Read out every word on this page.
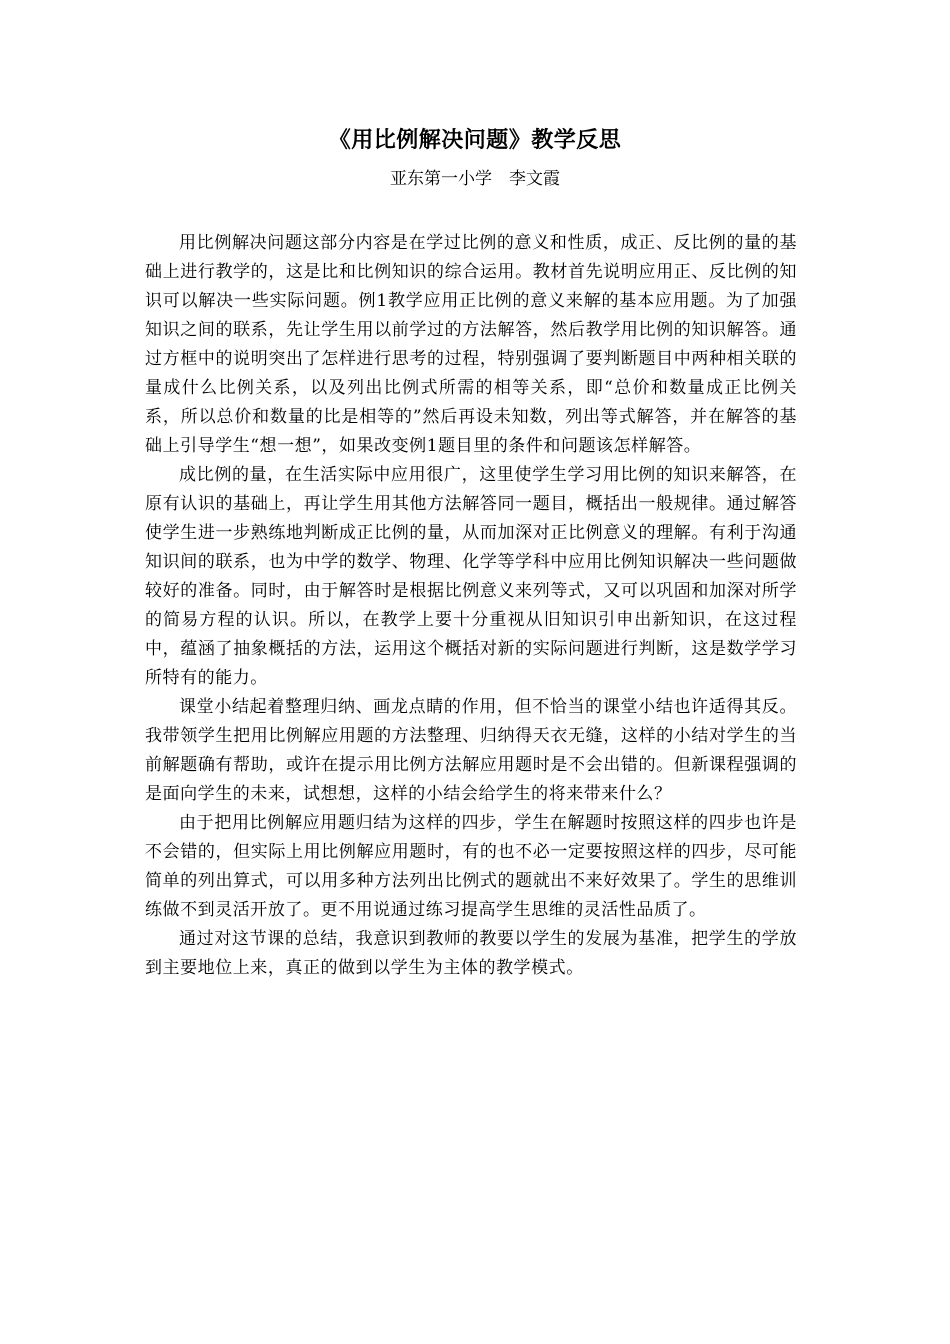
《用比例解决问题》教学反思
亚东第一小学　李文霞

用比例解决问题这部分内容是在学过比例的意义和性质，成正、反比例的量的基础上进行教学的，这是比和比例知识的综合运用。教材首先说明应用正、反比例的知识可以解决一些实际问题。例1教学应用正比例的意义来解的基本应用题。为了加强知识之间的联系，先让学生用以前学过的方法解答，然后教学用比例的知识解答。通过方框中的说明突出了怎样进行思考的过程，特别强调了要判断题目中两种相关联的量成什么比例关系，以及列出比例式所需的相等关系，即“总价和数量成正比例关系，所以总价和数量的比是相等的”然后再设未知数，列出等式解答，并在解答的基础上引导学生“想一想”，如果改变例1题目里的条件和问题该怎样解答。

成比例的量，在生活实际中应用很广，这里使学生学习用比例的知识来解答，在原有认识的基础上，再让学生用其他方法解答同一题目，概括出一般规律。通过解答使学生进一步熟练地判断成正比例的量，从而加深对正比例意义的理解。有利于沟通知识间的联系，也为中学的数学、物理、化学等学科中应用比例知识解决一些问题做较好的准备。同时，由于解答时是根据比例意义来列等式，又可以巩固和加深对所学的简易方程的认识。所以，在教学上要十分重视从旧知识引申出新知识，在这过程中，蕴涵了抽象概括的方法，运用这个概括对新的实际问题进行判断，这是数学学习所特有的能力。

课堂小结起着整理归纳、画龙点睛的作用，但不恰当的课堂小结也许适得其反。我带领学生把用比例解应用题的方法整理、归纳得天衣无缝，这样的小结对学生的当前解题确有帮助，或许在提示用比例方法解应用题时是不会出错的。但新课程强调的是面向学生的未来，试想想，这样的小结会给学生的将来带来什么？

由于把用比例解应用题归结为这样的四步，学生在解题时按照这样的四步也许是不会错的，但实际上用比例解应用题时，有的也不必一定要按照这样的四步，尽可能简单的列出算式，可以用多种方法列出比例式的题就出不来好效果了。学生的思维训练做不到灵活开放了。更不用说通过练习提高学生思维的灵活性品质了。

通过对这节课的总结，我意识到教师的教要以学生的发展为基准，把学生的学放到主要地位上来，真正的做到以学生为主体的教学模式。
